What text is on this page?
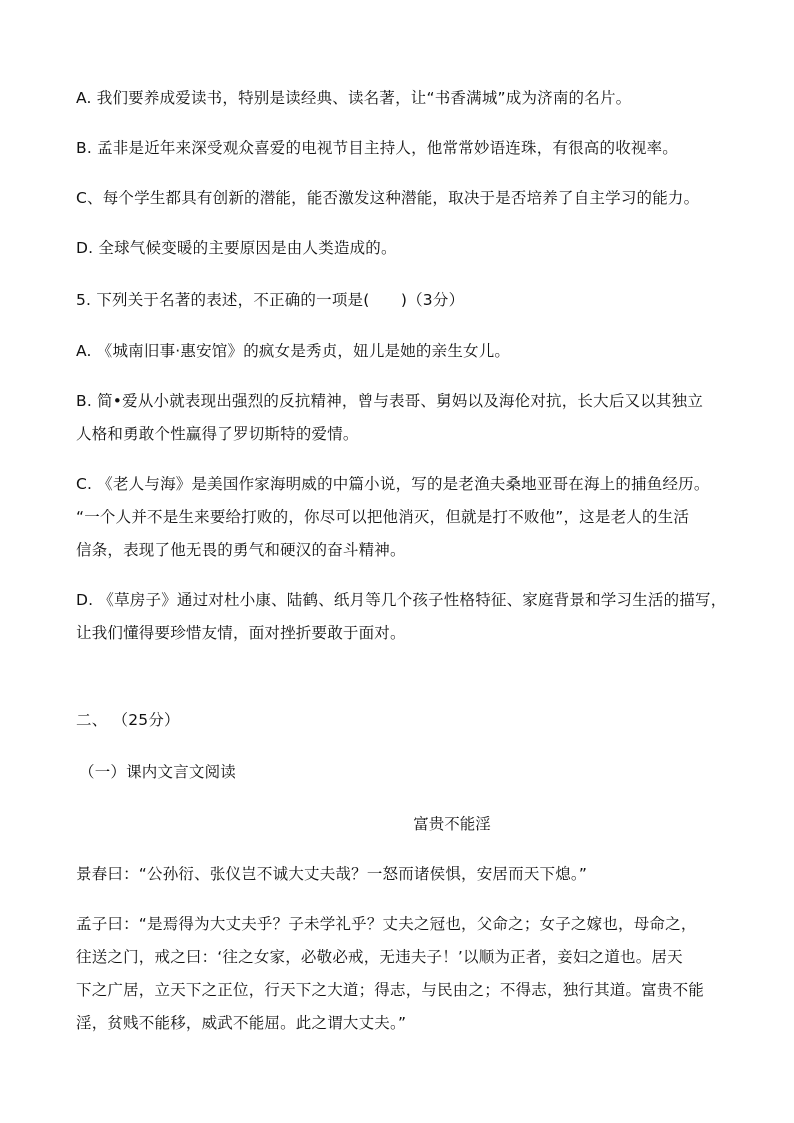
A. 我们要养成爱读书，特别是读经典、读名著，让“书香满城”成为济南的名片。
B. 孟非是近年来深受观众喜爱的电视节目主持人，他常常妙语连珠，有很高的收视率。
C、每个学生都具有创新的潜能，能否激发这种潜能，取决于是否培养了自主学习的能力。
D. 全球气候变暖的主要原因是由人类造成的。
5. 下列关于名著的表述，不正确的一项是(　　)（3分）
A. 《城南旧事·惠安馆》的疯女是秀贞，妞儿是她的亲生女儿。
B. 简•爱从小就表现出强烈的反抗精神，曾与表哥、舅妈以及海伦对抗，长大后又以其独立
人格和勇敢个性赢得了罗切斯特的爱情。
C. 《老人与海》是美国作家海明威的中篇小说，写的是老渔夫桑地亚哥在海上的捕鱼经历。
“一个人并不是生来要给打败的，你尽可以把他消灭，但就是打不败他”，这是老人的生活
信条，表现了他无畏的勇气和硬汉的奋斗精神。
D. 《草房子》通过对杜小康、陆鹤、纸月等几个孩子性格特征、家庭背景和学习生活的描写，
让我们懂得要珍惜友情，面对挫折要敢于面对。
二、 （25分）
（一）课内文言文阅读
富贵不能淫
景春曰：“公孙衍、张仪岂不诚大丈夫哉？一怒而诸侯惧，安居而天下熄。”
孟子曰：“是焉得为大丈夫乎？子未学礼乎？丈夫之冠也，父命之；女子之嫁也，母命之，
往送之门，戒之曰：‘往之女家，必敬必戒，无违夫子！’以顺为正者，妾妇之道也。居天
下之广居，立天下之正位，行天下之大道；得志，与民由之；不得志，独行其道。富贵不能
淫，贫贱不能移，威武不能屈。此之谓大丈夫。”
